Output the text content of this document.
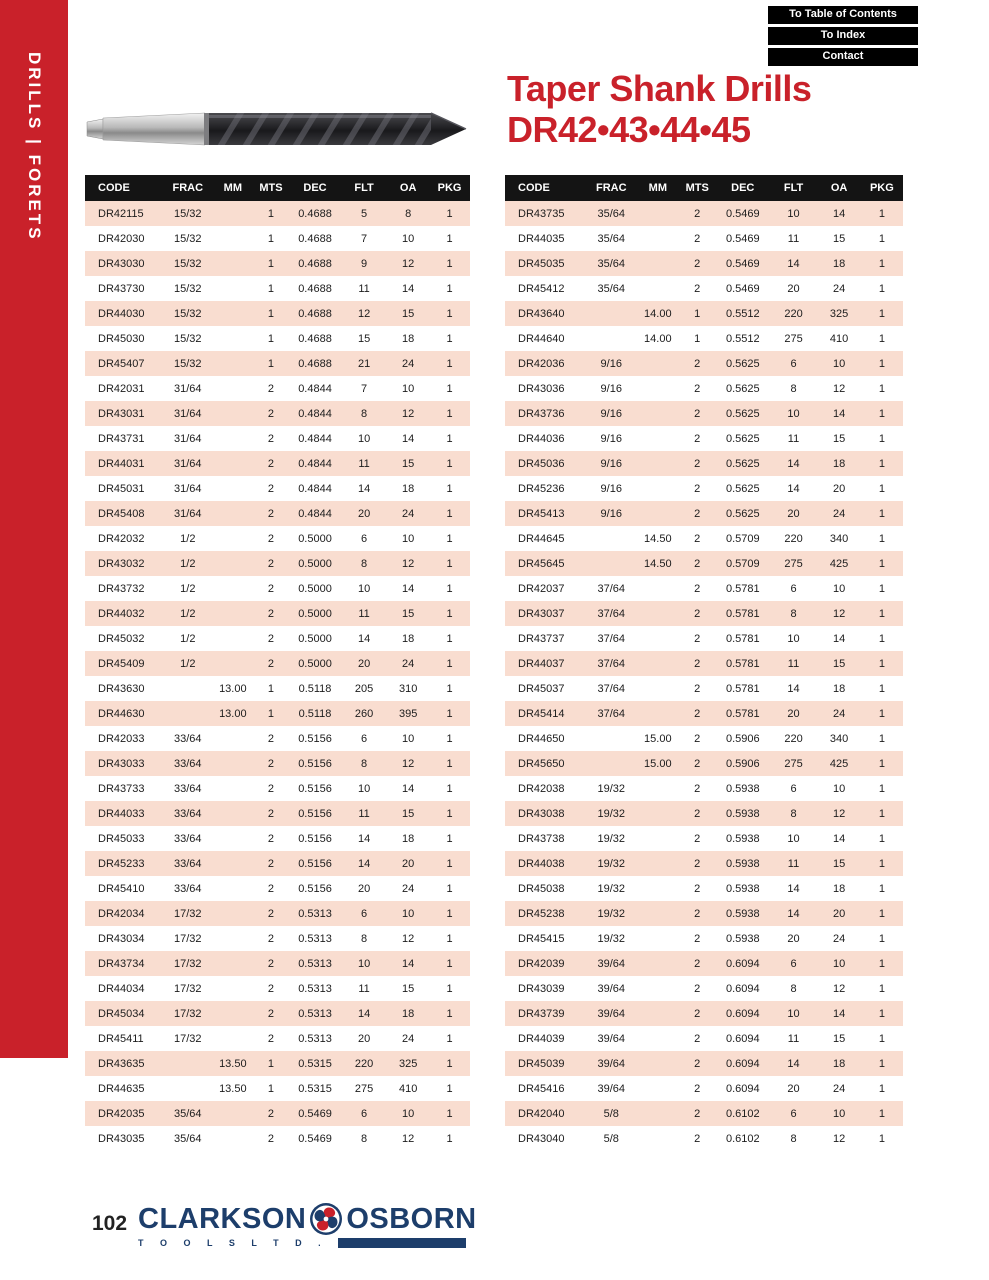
DRILLS | FORETS
To Table of Contents
To Index
Contact
Taper Shank Drills
DR42•43•44•45
CODE	FRAC	MM	MTS	DEC	FLT	OA	PKG
DR42115	15/32		1	0.4688	5	8	1
DR42030	15/32		1	0.4688	7	10	1
DR43030	15/32		1	0.4688	9	12	1
DR43730	15/32		1	0.4688	11	14	1
DR44030	15/32		1	0.4688	12	15	1
DR45030	15/32		1	0.4688	15	18	1
DR45407	15/32		1	0.4688	21	24	1
DR42031	31/64		2	0.4844	7	10	1
DR43031	31/64		2	0.4844	8	12	1
DR43731	31/64		2	0.4844	10	14	1
DR44031	31/64		2	0.4844	11	15	1
DR45031	31/64		2	0.4844	14	18	1
DR45408	31/64		2	0.4844	20	24	1
DR42032	1/2		2	0.5000	6	10	1
DR43032	1/2		2	0.5000	8	12	1
DR43732	1/2		2	0.5000	10	14	1
DR44032	1/2		2	0.5000	11	15	1
DR45032	1/2		2	0.5000	14	18	1
DR45409	1/2		2	0.5000	20	24	1
DR43630		13.00	1	0.5118	205	310	1
DR44630		13.00	1	0.5118	260	395	1
DR42033	33/64		2	0.5156	6	10	1
DR43033	33/64		2	0.5156	8	12	1
DR43733	33/64		2	0.5156	10	14	1
DR44033	33/64		2	0.5156	11	15	1
DR45033	33/64		2	0.5156	14	18	1
DR45233	33/64		2	0.5156	14	20	1
DR45410	33/64		2	0.5156	20	24	1
DR42034	17/32		2	0.5313	6	10	1
DR43034	17/32		2	0.5313	8	12	1
DR43734	17/32		2	0.5313	10	14	1
DR44034	17/32		2	0.5313	11	15	1
DR45034	17/32		2	0.5313	14	18	1
DR45411	17/32		2	0.5313	20	24	1
DR43635		13.50	1	0.5315	220	325	1
DR44635		13.50	1	0.5315	275	410	1
DR42035	35/64		2	0.5469	6	10	1
DR43035	35/64		2	0.5469	8	12	1
CODE	FRAC	MM	MTS	DEC	FLT	OA	PKG
DR43735	35/64		2	0.5469	10	14	1
DR44035	35/64		2	0.5469	11	15	1
DR45035	35/64		2	0.5469	14	18	1
DR45412	35/64		2	0.5469	20	24	1
DR43640		14.00	1	0.5512	220	325	1
DR44640		14.00	1	0.5512	275	410	1
DR42036	9/16		2	0.5625	6	10	1
DR43036	9/16		2	0.5625	8	12	1
DR43736	9/16		2	0.5625	10	14	1
DR44036	9/16		2	0.5625	11	15	1
DR45036	9/16		2	0.5625	14	18	1
DR45236	9/16		2	0.5625	14	20	1
DR45413	9/16		2	0.5625	20	24	1
DR44645		14.50	2	0.5709	220	340	1
DR45645		14.50	2	0.5709	275	425	1
DR42037	37/64		2	0.5781	6	10	1
DR43037	37/64		2	0.5781	8	12	1
DR43737	37/64		2	0.5781	10	14	1
DR44037	37/64		2	0.5781	11	15	1
DR45037	37/64		2	0.5781	14	18	1
DR45414	37/64		2	0.5781	20	24	1
DR44650		15.00	2	0.5906	220	340	1
DR45650		15.00	2	0.5906	275	425	1
DR42038	19/32		2	0.5938	6	10	1
DR43038	19/32		2	0.5938	8	12	1
DR43738	19/32		2	0.5938	10	14	1
DR44038	19/32		2	0.5938	11	15	1
DR45038	19/32		2	0.5938	14	18	1
DR45238	19/32		2	0.5938	14	20	1
DR45415	19/32		2	0.5938	20	24	1
DR42039	39/64		2	0.6094	6	10	1
DR43039	39/64		2	0.6094	8	12	1
DR43739	39/64		2	0.6094	10	14	1
DR44039	39/64		2	0.6094	11	15	1
DR45039	39/64		2	0.6094	14	18	1
DR45416	39/64		2	0.6094	20	24	1
DR42040	5/8		2	0.6102	6	10	1
DR43040	5/8		2	0.6102	8	12	1
102 CLARKSON OSBORN
T O O L S L T D .
